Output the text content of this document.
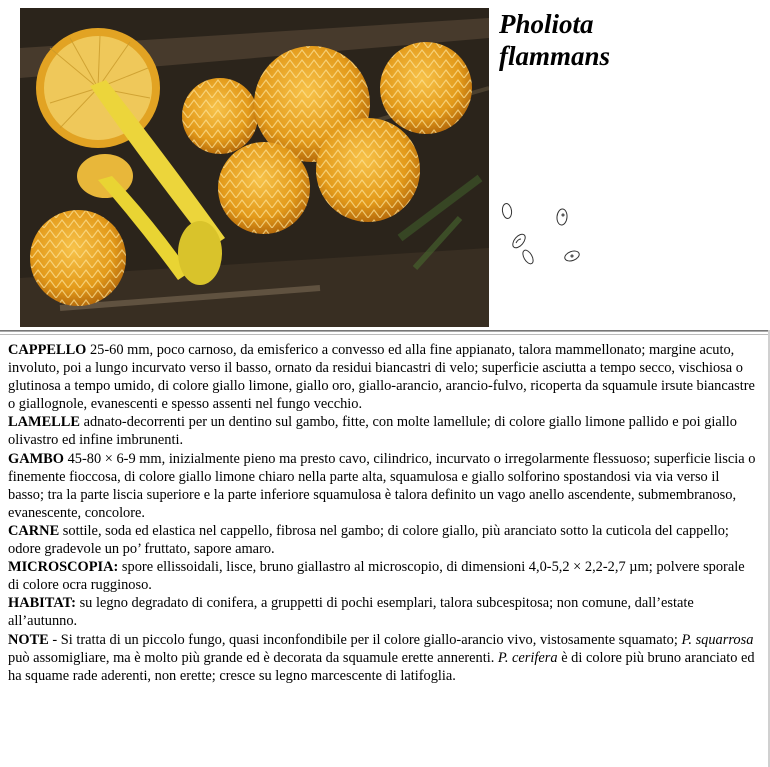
Pholiota
flammans

CAPPELLO 25-60 mm, poco carnoso, da emisferico a convesso ed alla fine appianato, talora mammellonato; margine acuto, involuto, poi a lungo incurvato verso il basso, ornato da residui biancastri di velo; superficie asciutta a tempo secco, vischiosa o glutinosa a tempo umido, di colore giallo limone, giallo oro, giallo-arancio, arancio-fulvo, ricoperta da squamule irsute biancastre o giallognole, evanescenti e spesso assenti nel fungo vecchio.

LAMELLE adnato-decorrenti per un dentino sul gambo, fitte, con molte lamellule; di colore giallo limone pallido e poi giallo olivastro ed infine imbrunenti.

GAMBO 45-80 × 6-9 mm, inizialmente pieno ma presto cavo, cilindrico, incurvato o irregolarmente flessuoso; superficie liscia o finemente fioccosa, di colore giallo limone chiaro nella parte alta, squamulosa e giallo solforino spostandosi via via verso il basso; tra la parte liscia superiore e la parte inferiore squamulosa è talora definito un vago anello ascendente, submembranoso, evanescente, concolore.

CARNE sottile, soda ed elastica nel cappello, fibrosa nel gambo; di colore giallo, più aranciato sotto la cuticola del cappello; odore gradevole un po’ fruttato, sapore amaro.

MICROSCOPIA: spore ellissoidali, lisce, bruno giallastro al microscopio, di dimensioni 4,0-5,2 × 2,2-2,7 µm; polvere sporale di colore ocra rugginoso.

HABITAT: su legno degradato di conifera, a gruppetti di pochi esemplari, talora subcespitosa; non comune, dall’estate all’autunno.

NOTE - Si tratta di un piccolo fungo, quasi inconfondibile per il colore giallo-arancio vivo, vistosamente squamato; P. squarrosa può assomigliare, ma è molto più grande ed è decorata da squamule erette annerenti. P. cerifera è di colore più bruno aranciato ed ha squame rade aderenti, non erette; cresce su legno marcescente di latifoglia.
